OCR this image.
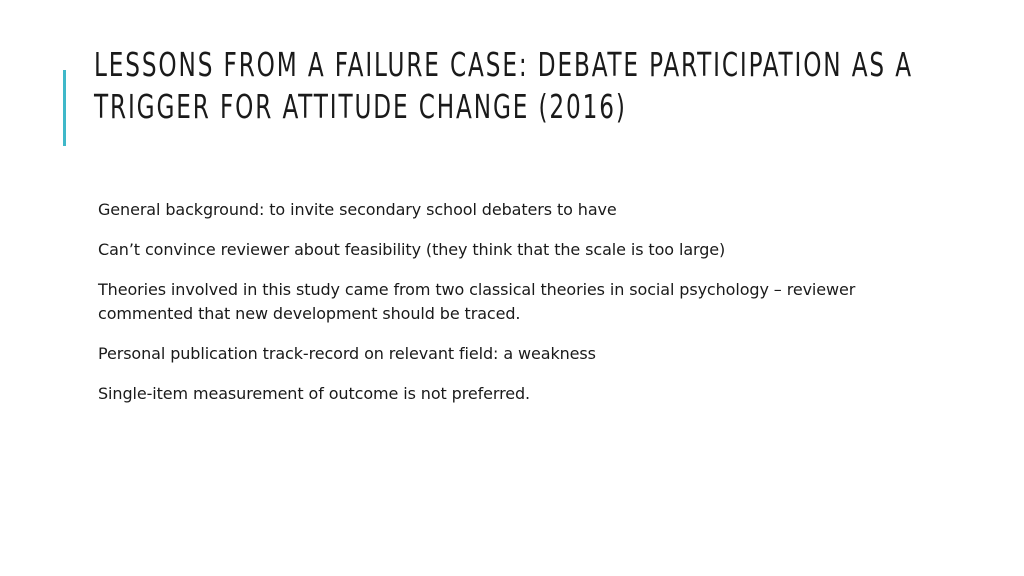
LESSONS FROM A FAILURE CASE: DEBATE PARTICIPATION AS A TRIGGER FOR ATTITUDE CHANGE (2016)
General background: to invite secondary school debaters to have
Can’t convince reviewer about feasibility (they think that the scale is too large)
Theories involved in this study came from two classical theories in social psychology – reviewer commented that new development should be traced.
Personal publication track-record on relevant field: a weakness
Single-item measurement of outcome is not preferred.
